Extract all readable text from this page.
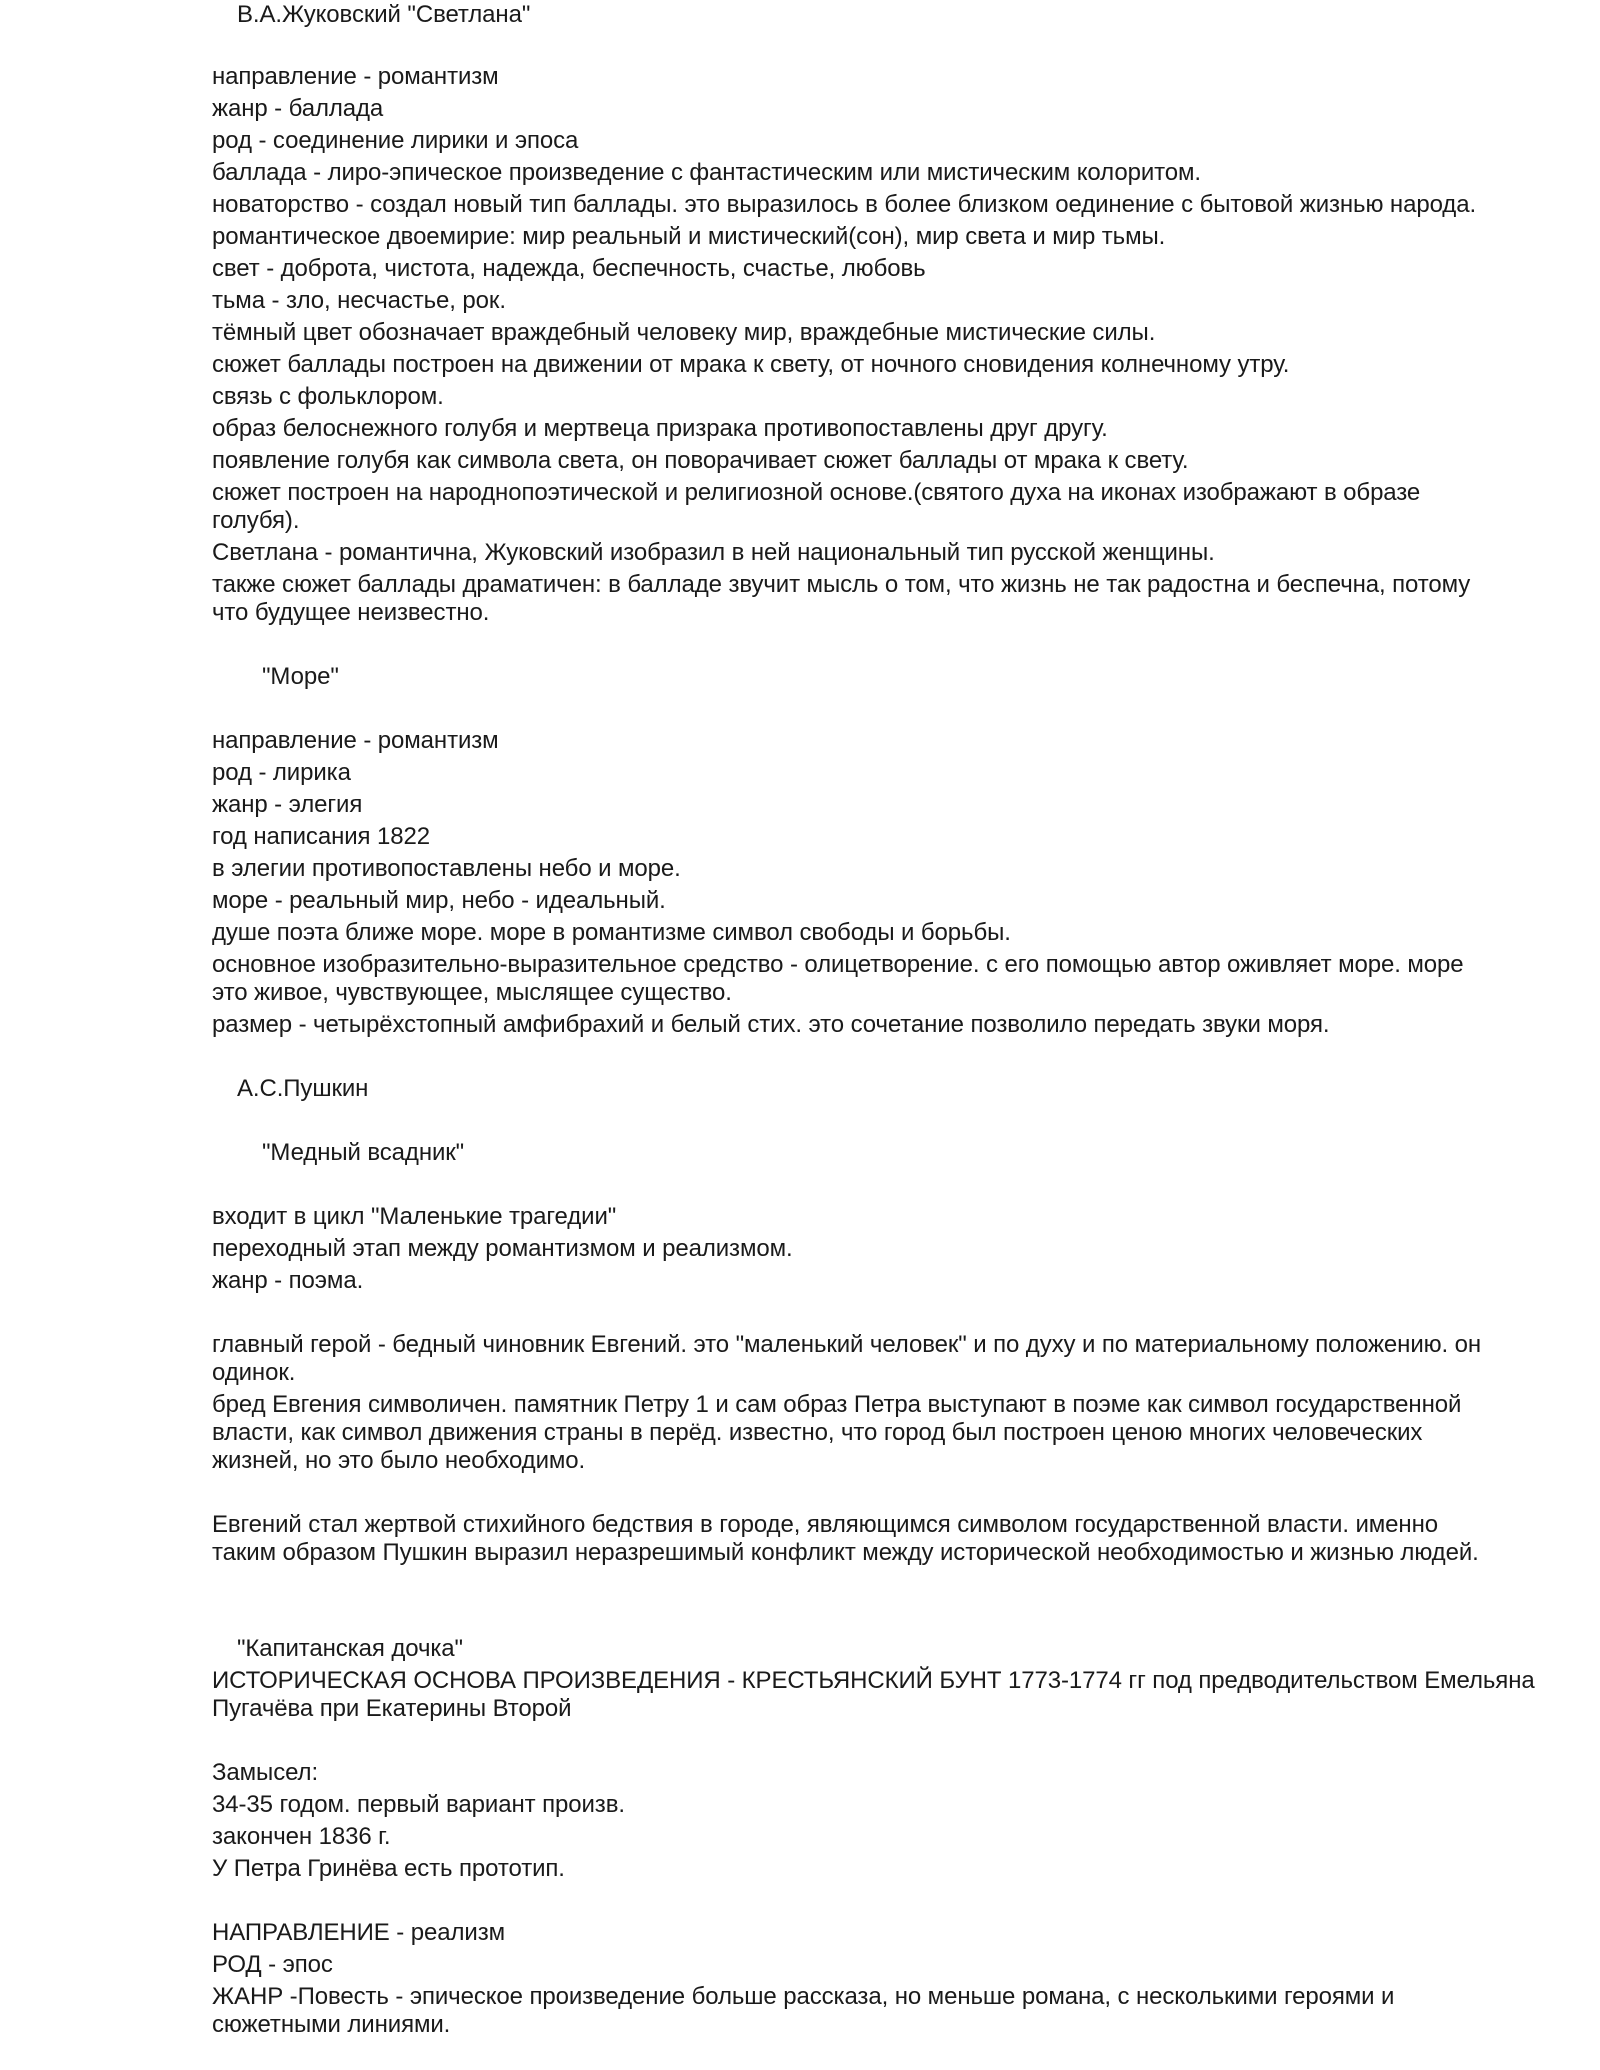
В.А.Жуковский "Светлана"
направление - романтизм
жанр - баллада
род - соединение лирики и эпоса
баллада - лиро-эпическое произведение с фантастическим или мистическим колоритом.
новаторство - создал новый тип баллады. это выразилось в более близком оединение с бытовой жизнью народа.
романтическое двоемирие: мир реальный и мистический(сон), мир света и мир тьмы.
свет - доброта, чистота, надежда, беспечность, счастье, любовь
тьма - зло, несчастье, рок.
тёмный цвет обозначает враждебный человеку мир, враждебные мистические силы.
сюжет баллады построен на движении от мрака к свету, от ночного сновидения колнечному утру.
связь с фольклором.
образ белоснежного голубя и мертвеца призрака противопоставлены друг другу.
появление голубя как символа света, он поворачивает сюжет баллады от мрака к свету.
сюжет построен на народнопоэтической и религиозной основе.(святого духа на иконах изображают в образе
голубя).
Светлана - романтична, Жуковский изобразил в ней национальный тип русской женщины.
также сюжет баллады драматичен: в балладе звучит мысль о том, что жизнь не так радостна и беспечна, потому
что будущее неизвестно.
"Море"
направление - романтизм
род - лирика
жанр - элегия
год написания 1822
в элегии противопоставлены небо и море.
море - реальный мир, небо - идеальный.
душе поэта ближе море. море в романтизме символ свободы и борьбы.
основное изобразительно-выразительное средство - олицетворение. с его помощью автор оживляет море. море
это живое, чувствующее, мыслящее существо.
размер - четырёхстопный амфибрахий и белый стих. это сочетание позволило передать звуки моря.
А.С.Пушкин
"Медный всадник"
входит в цикл "Маленькие трагедии"
переходный этап между романтизмом и реализмом.
жанр - поэма.
главный герой - бедный чиновник Евгений. это "маленький человек" и по духу и по материальному положению. он
одинок.
бред Евгения символичен. памятник Петру 1 и сам образ Петра выступают в поэме как символ государственной
власти, как символ движения страны в перёд. известно, что город был построен ценою многих человеческих
жизней, но это было необходимо.
Евгений стал жертвой стихийного бедствия в городе, являющимся символом государственной власти. именно
таким образом Пушкин выразил неразрешимый конфликт между исторической необходимостью и жизнью людей.
"Капитанская дочка"
ИСТОРИЧЕСКАЯ ОСНОВА ПРОИЗВЕДЕНИЯ - КРЕСТЬЯНСКИЙ БУНТ 1773-1774 гг под предводительством Емельяна
Пугачёва при Екатерины Второй
Замысел:
34-35 годом. первый вариант произв.
закончен 1836 г.
У Петра Гринёва есть прототип.
НАПРАВЛЕНИЕ - реализм
РОД - эпос
ЖАНР -Повесть - эпическое произведение больше рассказа, но меньше романа, с несколькими героями и
сюжетными линиями.
